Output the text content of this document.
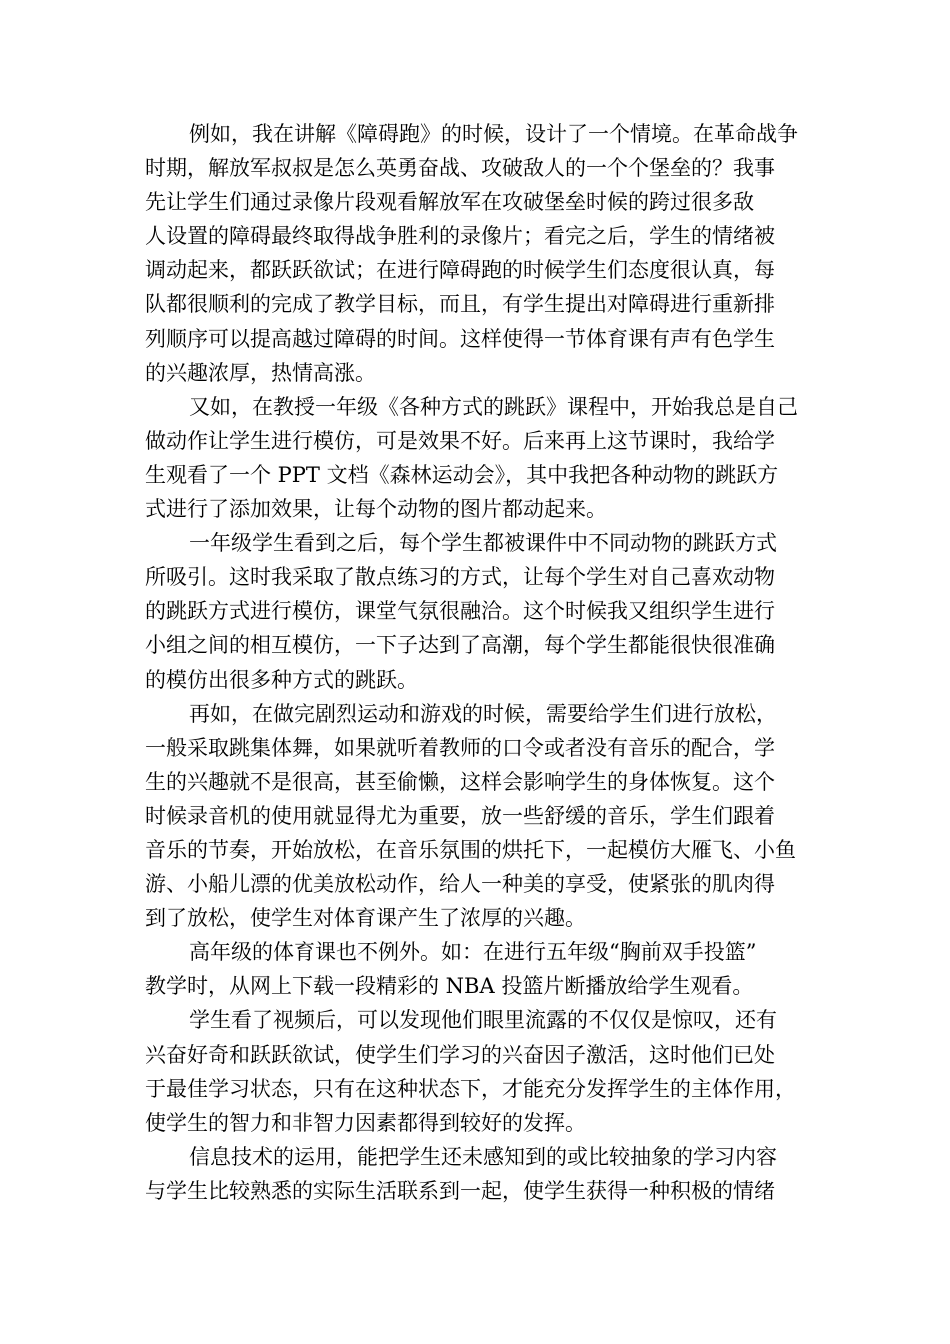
例如，我在讲解《障碍跑》的时候，设计了一个情境。在革命战争
时期，解放军叔叔是怎么英勇奋战、攻破敌人的一个个堡垒的？我事
先让学生们通过录像片段观看解放军在攻破堡垒时候的跨过很多敌
人设置的障碍最终取得战争胜利的录像片；看完之后，学生的情绪被
调动起来，都跃跃欲试；在进行障碍跑的时候学生们态度很认真，每
队都很顺利的完成了教学目标，而且，有学生提出对障碍进行重新排
列顺序可以提高越过障碍的时间。这样使得一节体育课有声有色学生
的兴趣浓厚，热情高涨。
又如，在教授一年级《各种方式的跳跃》课程中，开始我总是自己
做动作让学生进行模仿，可是效果不好。后来再上这节课时，我给学
生观看了一个 PPT 文档《森林运动会》，其中我把各种动物的跳跃方
式进行了添加效果，让每个动物的图片都动起来。
一年级学生看到之后，每个学生都被课件中不同动物的跳跃方式
所吸引。这时我采取了散点练习的方式，让每个学生对自己喜欢动物
的跳跃方式进行模仿，课堂气氛很融洽。这个时候我又组织学生进行
小组之间的相互模仿，一下子达到了高潮，每个学生都能很快很准确
的模仿出很多种方式的跳跃。
再如，在做完剧烈运动和游戏的时候，需要给学生们进行放松，
一般采取跳集体舞，如果就听着教师的口令或者没有音乐的配合，学
生的兴趣就不是很高，甚至偷懒，这样会影响学生的身体恢复。这个
时候录音机的使用就显得尤为重要，放一些舒缓的音乐，学生们跟着
音乐的节奏，开始放松，在音乐氛围的烘托下，一起模仿大雁飞、小鱼
游、小船儿漂的优美放松动作，给人一种美的享受，使紧张的肌肉得
到了放松，使学生对体育课产生了浓厚的兴趣。
高年级的体育课也不例外。如：在进行五年级“胸前双手投篮”
教学时，从网上下载一段精彩的 NBA 投篮片断播放给学生观看。
学生看了视频后，可以发现他们眼里流露的不仅仅是惊叹，还有
兴奋好奇和跃跃欲试，使学生们学习的兴奋因子激活，这时他们已处
于最佳学习状态，只有在这种状态下，才能充分发挥学生的主体作用，
使学生的智力和非智力因素都得到较好的发挥。
信息技术的运用，能把学生还未感知到的或比较抽象的学习内容
与学生比较熟悉的实际生活联系到一起，使学生获得一种积极的情绪
